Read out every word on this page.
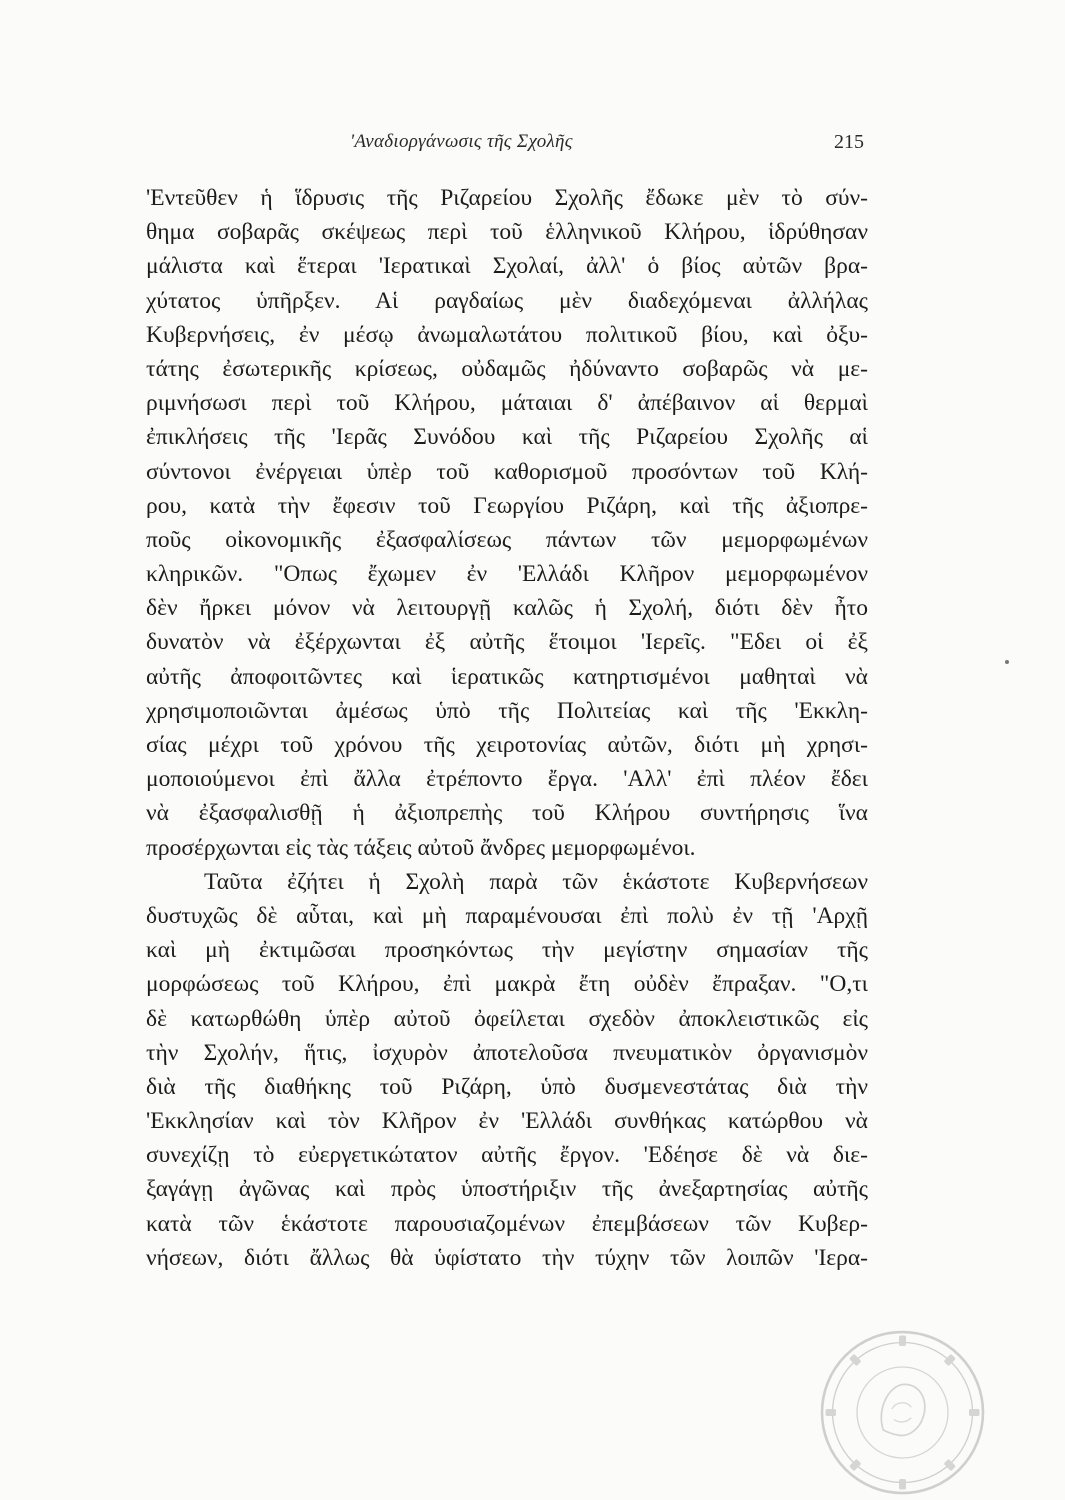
'Αναδιοργάνωσις τῆς Σχολῆς	215
'Εντεῦθεν ἡ ἵδρυσις τῆς Ριζαρείου Σχολῆς ἔδωκε μὲν τὸ σύν-
θημα σοβαρᾶς σκέψεως περὶ τοῦ ἑλληνικοῦ Κλήρου, ἱδρύθησαν
μάλιστα καὶ ἕτεραι 'Ιερατικαὶ Σχολαί, ἀλλ' ὁ βίος αὐτῶν βρα-
χύτατος ὑπῆρξεν. Αἱ ραγδαίως μὲν διαδεχόμεναι ἀλλήλας
Κυβερνήσεις, ἐν μέσῳ ἀνωμαλωτάτου πολιτικοῦ βίου, καὶ ὀξυ-
τάτης ἐσωτερικῆς κρίσεως, οὐδαμῶς ἠδύναντο σοβαρῶς νὰ με-
ριμνήσωσι περὶ τοῦ Κλήρου, μάταιαι δ' ἀπέβαινον αἱ θερμαὶ
ἐπικλήσεις τῆς 'Ιερᾶς Συνόδου καὶ τῆς Ριζαρείου Σχολῆς αἱ
σύντονοι ἐνέργειαι ὑπὲρ τοῦ καθορισμοῦ προσόντων τοῦ Κλή-
ρου, κατὰ τὴν ἔφεσιν τοῦ Γεωργίου Ριζάρη, καὶ τῆς ἀξιοπρε-
ποῦς οἰκονομικῆς ἐξασφαλίσεως πάντων τῶν μεμορφωμένων
κληρικῶν. "Οπως ἔχωμεν ἐν 'Ελλάδι Κλῆρον μεμορφωμένον
δὲν ἤρκει μόνον νὰ λειτουργῇ καλῶς ἡ Σχολή, διότι δὲν ἦτο
δυνατὸν νὰ ἐξέρχωνται ἐξ αὐτῆς ἕτοιμοι 'Ιερεῖς. "Εδει οἱ ἐξ
αὐτῆς ἀποφοιτῶντες καὶ ἱερατικῶς κατηρτισμένοι μαθηταὶ νὰ
χρησιμοποιῶνται ἀμέσως ὑπὸ τῆς Πολιτείας καὶ τῆς 'Εκκλη-
σίας μέχρι τοῦ χρόνου τῆς χειροτονίας αὐτῶν, διότι μὴ χρησι-
μοποιούμενοι ἐπὶ ἄλλα ἐτρέποντο ἔργα. 'Αλλ' ἐπὶ πλέον ἔδει
νὰ ἐξασφαλισθῇ ἡ ἀξιοπρεπὴς τοῦ Κλήρου συντήρησις ἵνα
προσέρχωνται εἰς τὰς τάξεις αὐτοῦ ἄνδρες μεμορφωμένοι.
Ταῦτα ἐζήτει ἡ Σχολὴ παρὰ τῶν ἑκάστοτε Κυβερνήσεων
δυστυχῶς δὲ αὗται, καὶ μὴ παραμένουσαι ἐπὶ πολὺ ἐν τῇ 'Αρχῇ
καὶ μὴ ἐκτιμῶσαι προσηκόντως τὴν μεγίστην σημασίαν τῆς
μορφώσεως τοῦ Κλήρου, ἐπὶ μακρὰ ἔτη οὐδὲν ἔπραξαν. "Ο,τι
δὲ κατωρθώθη ὑπὲρ αὐτοῦ ὀφείλεται σχεδὸν ἀποκλειστικῶς εἰς
τὴν Σχολήν, ἥτις, ἰσχυρὸν ἀποτελοῦσα πνευματικὸν ὀργανισμὸν
διὰ τῆς διαθήκης τοῦ Ριζάρη, ὑπὸ δυσμενεστάτας διὰ τὴν
'Εκκλησίαν καὶ τὸν Κλῆρον ἐν 'Ελλάδι συνθήκας κατώρθου νὰ
συνεχίζῃ τὸ εὐεργετικώτατον αὐτῆς ἔργον. 'Εδέησε δὲ νὰ διε-
ξαγάγῃ ἀγῶνας καὶ πρὸς ὑποστήριξιν τῆς ἀνεξαρτησίας αὐτῆς
κατὰ τῶν ἑκάστοτε παρουσιαζομένων ἐπεμβάσεων τῶν Κυβερ-
νήσεων, διότι ἄλλως θὰ ὑφίστατο τὴν τύχην τῶν λοιπῶν 'Ιερα-
